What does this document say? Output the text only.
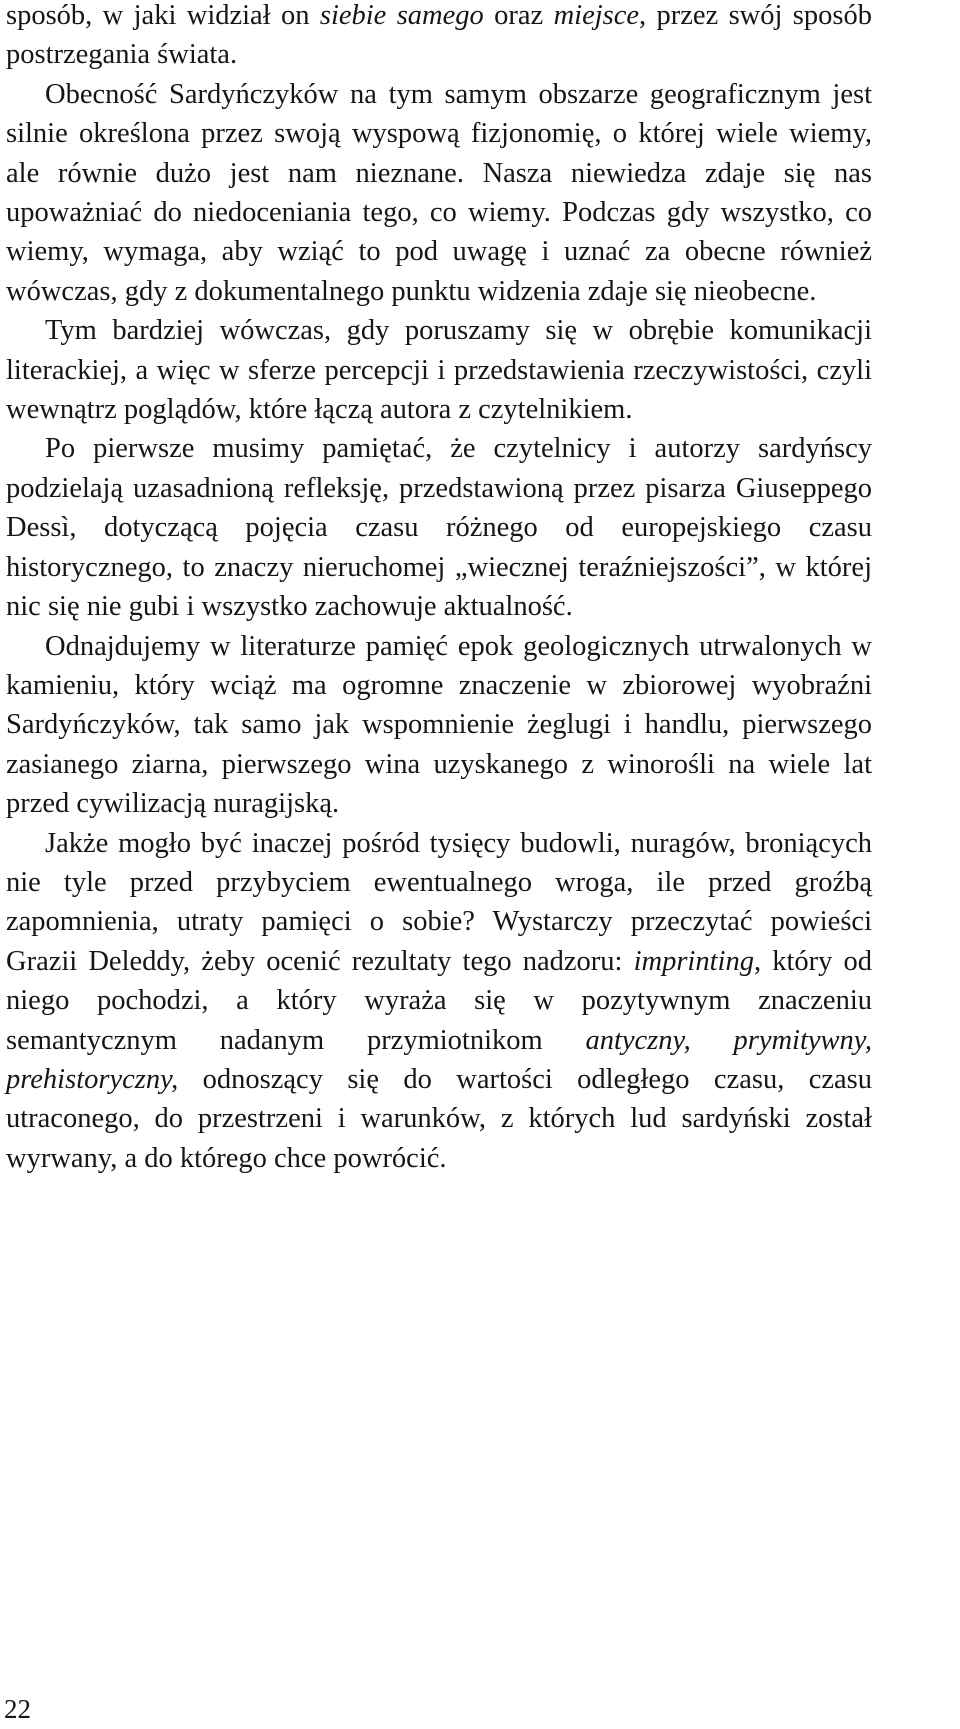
sposób, w jaki widział on siebie samego oraz miejsce, przez swój sposób postrzegania świata.

Obecność Sardyńczyków na tym samym obszarze geograficznym jest silnie określona przez swoją wyspową fizjonomię, o której wiele wiemy, ale równie dużo jest nam nieznane. Nasza niewiedza zdaje się nas upoważniać do niedoceniania tego, co wiemy. Podczas gdy wszystko, co wiemy, wymaga, aby wziąć to pod uwagę i uznać za obecne również wówczas, gdy z dokumentalnego punktu widzenia zdaje się nieobecne.

Tym bardziej wówczas, gdy poruszamy się w obrębie komunikacji literackiej, a więc w sferze percepcji i przedstawienia rzeczywistości, czyli wewnątrz poglądów, które łączą autora z czytelnikiem.

Po pierwsze musimy pamiętać, że czytelnicy i autorzy sardyńscy podzielają uzasadnioną refleksję, przedstawioną przez pisarza Giuseppego Dessì, dotyczącą pojęcia czasu różnego od europejskiego czasu historycznego, to znaczy nieruchomej „wiecznej teraźniejszości”, w której nic się nie gubi i wszystko zachowuje aktualność.

Odnajdujemy w literaturze pamięć epok geologicznych utrwalonych w kamieniu, który wciąż ma ogromne znaczenie w zbiorowej wyobraźni Sardyńczyków, tak samo jak wspomnienie żeglugi i handlu, pierwszego zasianego ziarna, pierwszego wina uzyskanego z winorośli na wiele lat przed cywilizacją nuragijską.

Jakże mogło być inaczej pośród tysięcy budowli, nuragów, broniących nie tyle przed przybyciem ewentualnego wroga, ile przed groźbą zapomnienia, utraty pamięci o sobie? Wystarczy przeczytać powieści Grazii Deleddy, żeby ocenić rezultaty tego nadzoru: imprinting, który od niego pochodzi, a który wyraża się w pozytywnym znaczeniu semantycznym nadanym przymiotnikom antyczny, prymitywny, prehistoryczny, odnoszący się do wartości odległego czasu, czasu utraconego, do przestrzeni i warunków, z których lud sardyński został wyrwany, a do którego chce powrócić.

22
